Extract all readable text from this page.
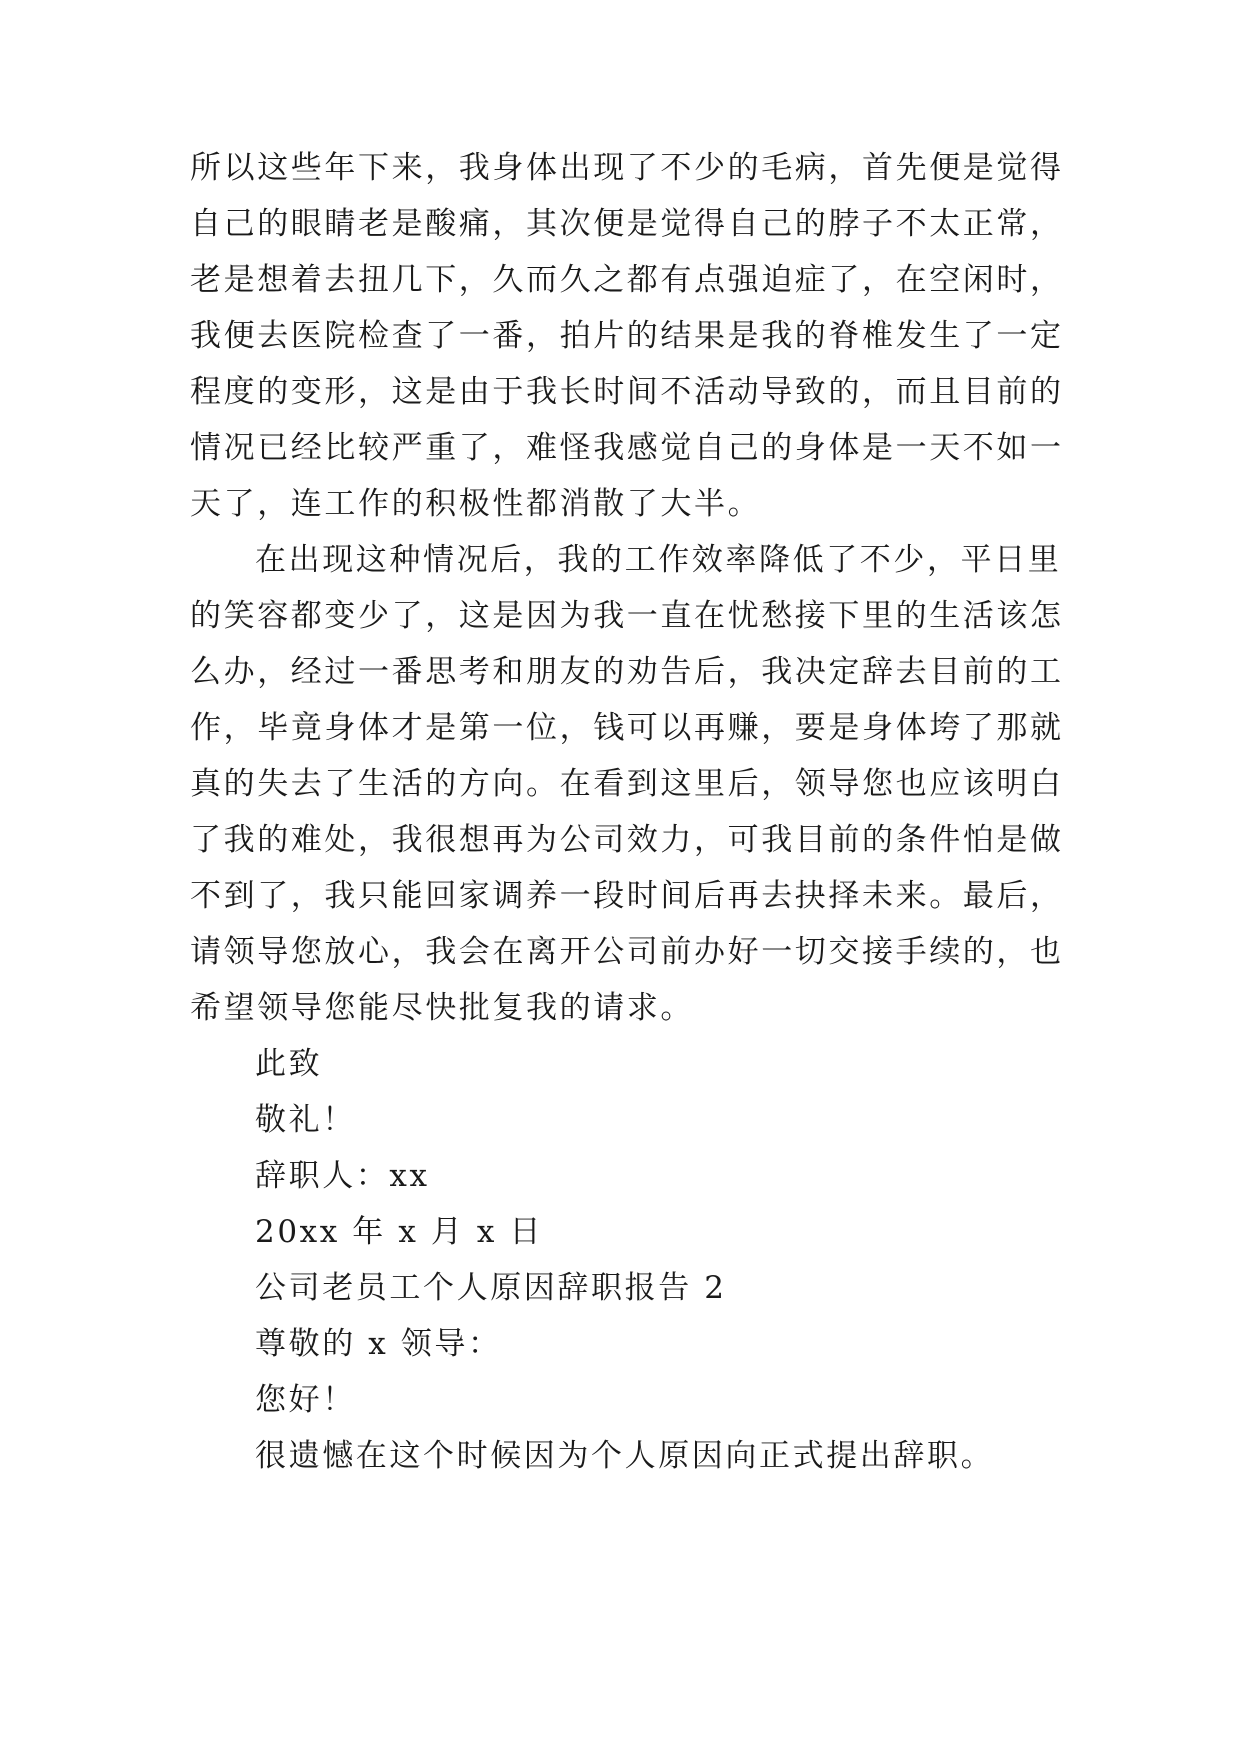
所以这些年下来，我身体出现了不少的毛病，首先便是觉得
自己的眼睛老是酸痛，其次便是觉得自己的脖子不太正常，
老是想着去扭几下，久而久之都有点强迫症了，在空闲时，
我便去医院检查了一番，拍片的结果是我的脊椎发生了一定
程度的变形，这是由于我长时间不活动导致的，而且目前的
情况已经比较严重了，难怪我感觉自己的身体是一天不如一
天了，连工作的积极性都消散了大半。
在出现这种情况后，我的工作效率降低了不少，平日里
的笑容都变少了，这是因为我一直在忧愁接下里的生活该怎
么办，经过一番思考和朋友的劝告后，我决定辞去目前的工
作，毕竟身体才是第一位，钱可以再赚，要是身体垮了那就
真的失去了生活的方向。在看到这里后，领导您也应该明白
了我的难处，我很想再为公司效力，可我目前的条件怕是做
不到了，我只能回家调养一段时间后再去抉择未来。最后，
请领导您放心，我会在离开公司前办好一切交接手续的，也
希望领导您能尽快批复我的请求。
此致
敬礼！
辞职人：xx
20xx 年 x 月 x 日
公司老员工个人原因辞职报告 2
尊敬的 x 领导：
您好！
很遗憾在这个时候因为个人原因向正式提出辞职。
